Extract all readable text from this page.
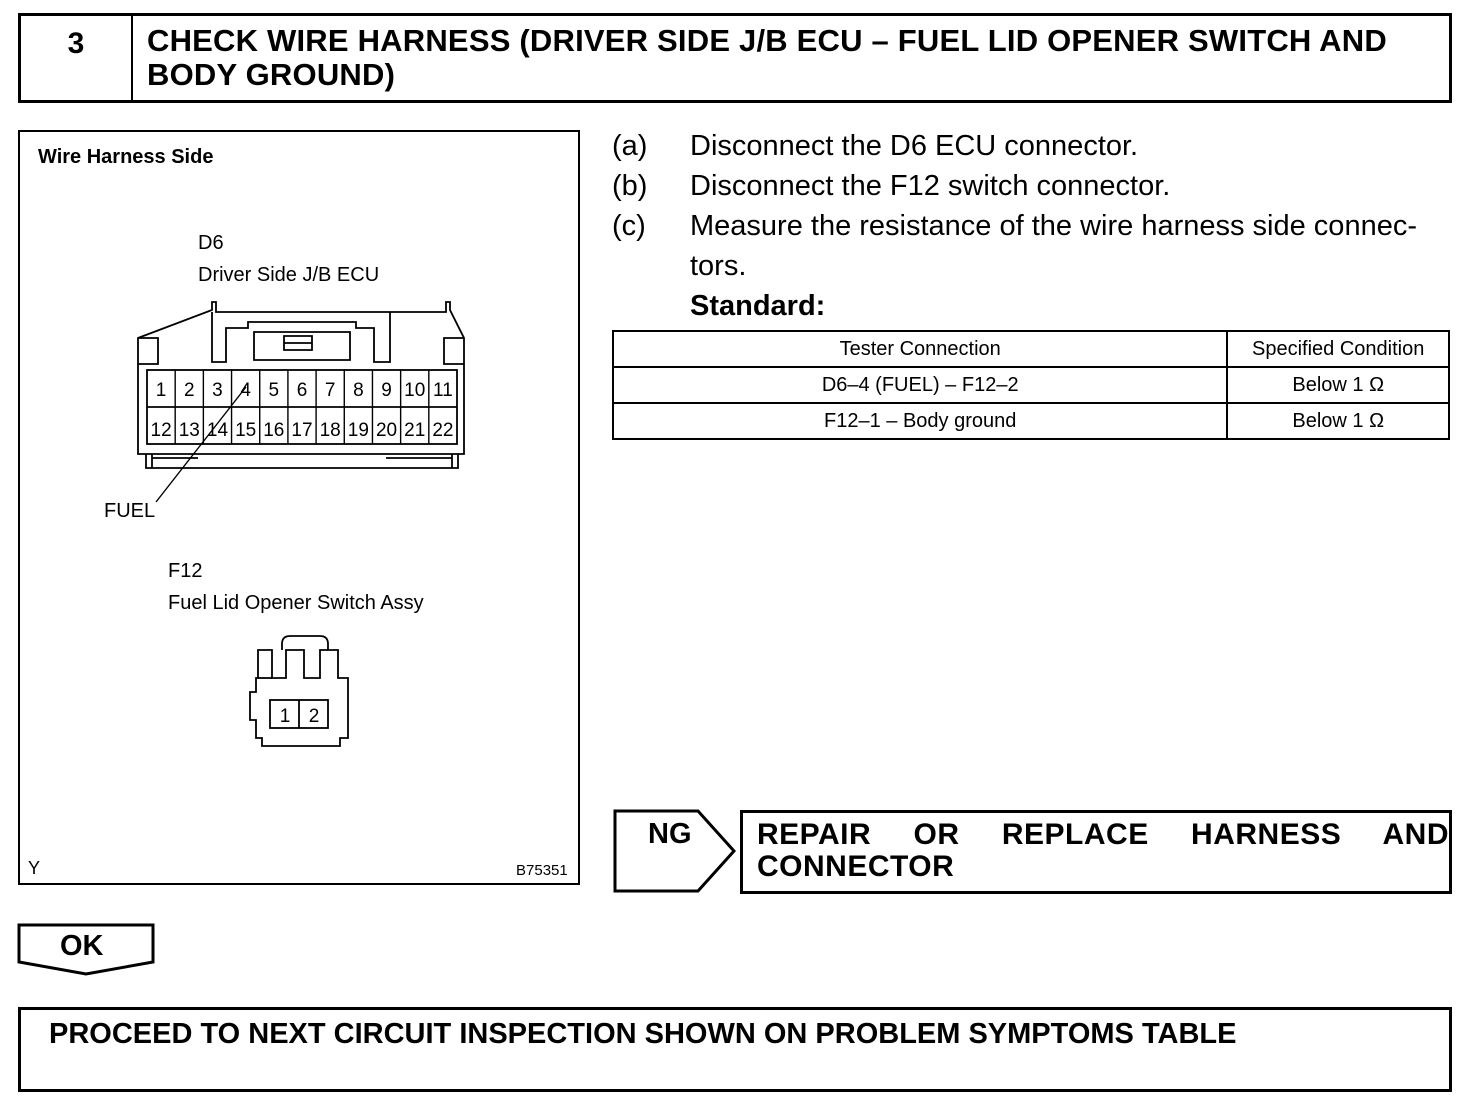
3	CHECK WIRE HARNESS (DRIVER SIDE J/B ECU – FUEL LID OPENER SWITCH AND BODY GROUND)
1 2 3 4 5 6 7 8 9 10 11
12 13 14 15 16 17 18 19 20 21 22
1 2
Wire Harness Side
D6
Driver Side J/B ECU
FUEL
F12
Fuel Lid Opener Switch Assy
Y	B75351
(a) Disconnect the D6 ECU connector.
(b) Disconnect the F12 switch connector.
(c) Measure the resistance of the wire harness side connec-
tors.
Standard:
Tester Connection	Specified Condition
D6–4 (FUEL) – F12–2	Below 1 Ω
F12–1 – Body ground	Below 1 Ω
NG REPAIR OR REPLACE HARNESS AND
CONNECTOR
OK
PROCEED TO NEXT CIRCUIT INSPECTION SHOWN ON PROBLEM SYMPTOMS TABLE
